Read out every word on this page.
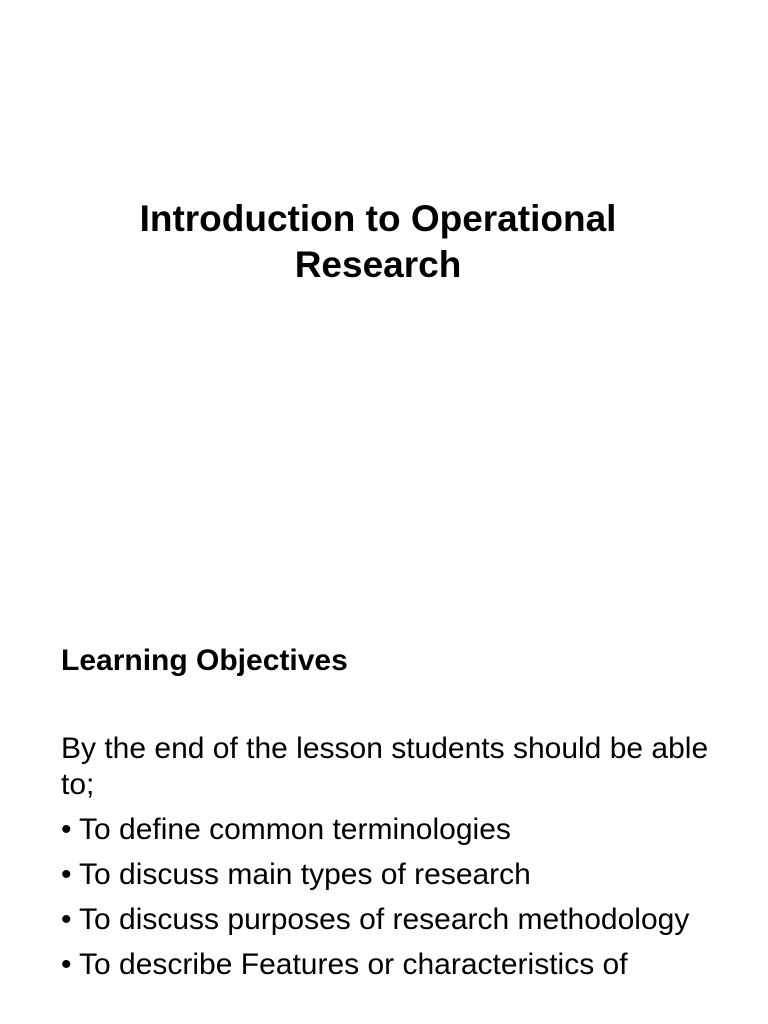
Introduction to Operational
Research
Learning Objectives

By the end of the lesson students should be able to;

• To define common terminologies
• To discuss main types of research
• To discuss purposes of research methodology
• To describe Features or characteristics of
